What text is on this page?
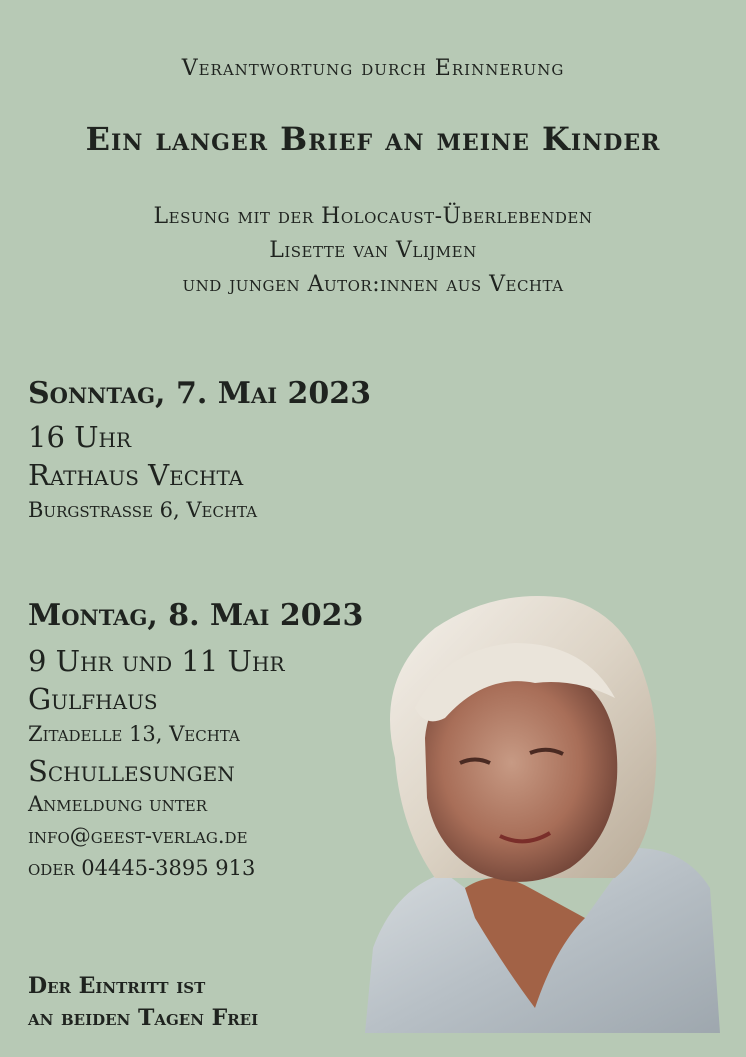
Verantwortung durch Erinnerung
Ein langer Brief an meine Kinder
Lesung mit der Holocaust-Überlebenden
Lisette van Vlijmen
und jungen Autor:innen aus Vechta
Sonntag, 7. Mai 2023
16 Uhr
Rathaus Vechta
Burgstrasse 6, Vechta
Montag, 8. Mai 2023
9 Uhr und 11 Uhr
Gulfhaus
Zitadelle 13, Vechta
Schullesungen
Anmeldung unter
info@geest-verlag.de
oder 04445-3895 913
Der Eintritt ist
an beiden Tagen Frei
